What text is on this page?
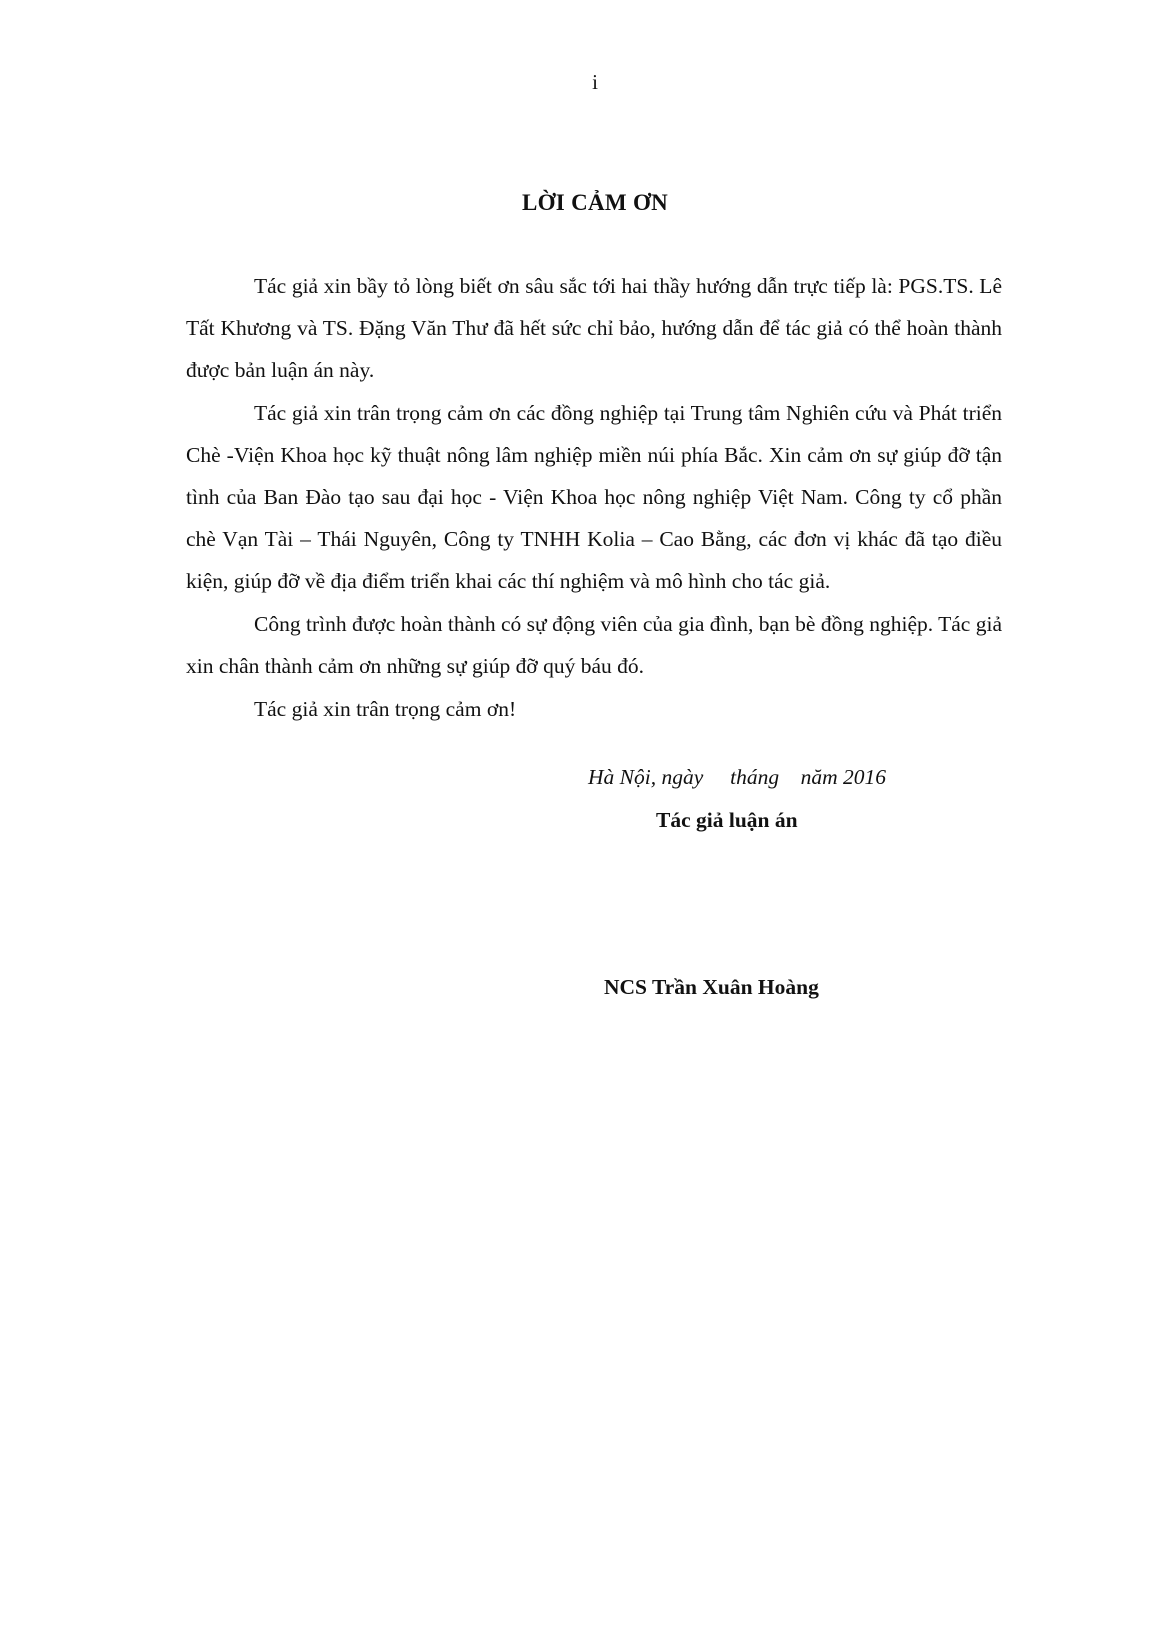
i
LỜI CẢM ƠN

Tác giả xin bầy tỏ lòng biết ơn sâu sắc tới hai thầy hướng dẫn trực tiếp là: PGS.TS. Lê Tất Khương và TS. Đặng Văn Thư đã hết sức chỉ bảo, hướng dẫn để tác giả có thể hoàn thành được bản luận án này.

Tác giả xin trân trọng cảm ơn các đồng nghiệp tại Trung tâm Nghiên cứu và Phát triển Chè -Viện Khoa học kỹ thuật nông lâm nghiệp miền núi phía Bắc. Xin cảm ơn sự giúp đỡ tận tình của Ban Đào tạo sau đại học - Viện Khoa học nông nghiệp Việt Nam. Công ty cổ phần chè Vạn Tài – Thái Nguyên, Công ty TNHH Kolia – Cao Bằng, các đơn vị khác đã tạo điều kiện, giúp đỡ về địa điểm triển khai các thí nghiệm và mô hình cho tác giả.

Công trình được hoàn thành có sự động viên của gia đình, bạn bè đồng nghiệp. Tác giả xin chân thành cảm ơn những sự giúp đỡ quý báu đó.

Tác giả xin trân trọng cảm ơn!

Hà Nội, ngày     tháng    năm 2016
Tác giả luận án
NCS Trần Xuân Hoàng
